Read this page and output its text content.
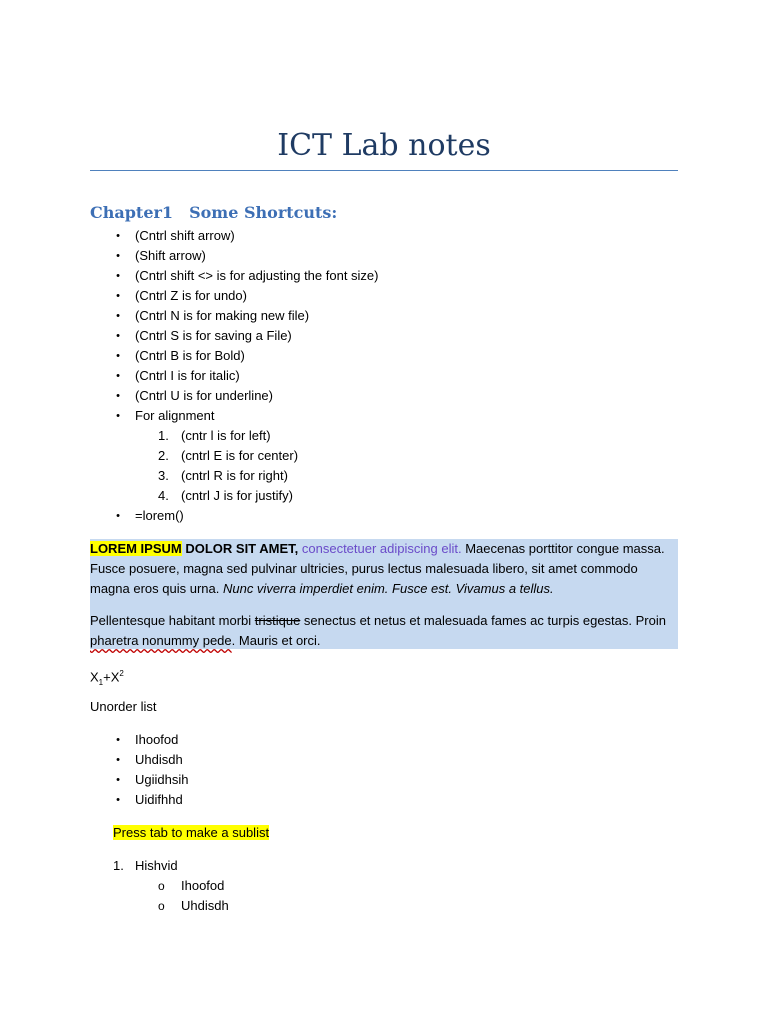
ICT Lab notes
Chapter1 Some Shortcuts:
• (Cntrl shift arrow)
• (Shift arrow)
• (Cntrl shift <> is for adjusting the font size)
• (Cntrl Z is for undo)
• (Cntrl N is for making new file)
• (Cntrl S is for saving a File)
• (Cntrl B is for Bold)
• (Cntrl I is for italic)
• (Cntrl U is for underline)
• For alignment
1. (cntr l is for left)
2. (cntrl E is for center)
3. (cntrl R is for right)
4. (cntrl J is for justify)
• =lorem()

LOREM IPSUM DOLOR SIT AMET, consectetuer adipiscing elit. Maecenas porttitor congue massa. Fusce posuere, magna sed pulvinar ultricies, purus lectus malesuada libero, sit amet commodo magna eros quis urna. Nunc viverra imperdiet enim. Fusce est. Vivamus a tellus.

Pellentesque habitant morbi tristique senectus et netus et malesuada fames ac turpis egestas. Proin pharetra nonummy pede. Mauris et orci.

$X_1+X^2$
Unorder list
• Ihoofod
• Uhdisdh
• Ugiidhsih
• Uidifhhd
Press tab to make a sublist
1. Hishvid
o Ihoofod
o Uhdisdh
